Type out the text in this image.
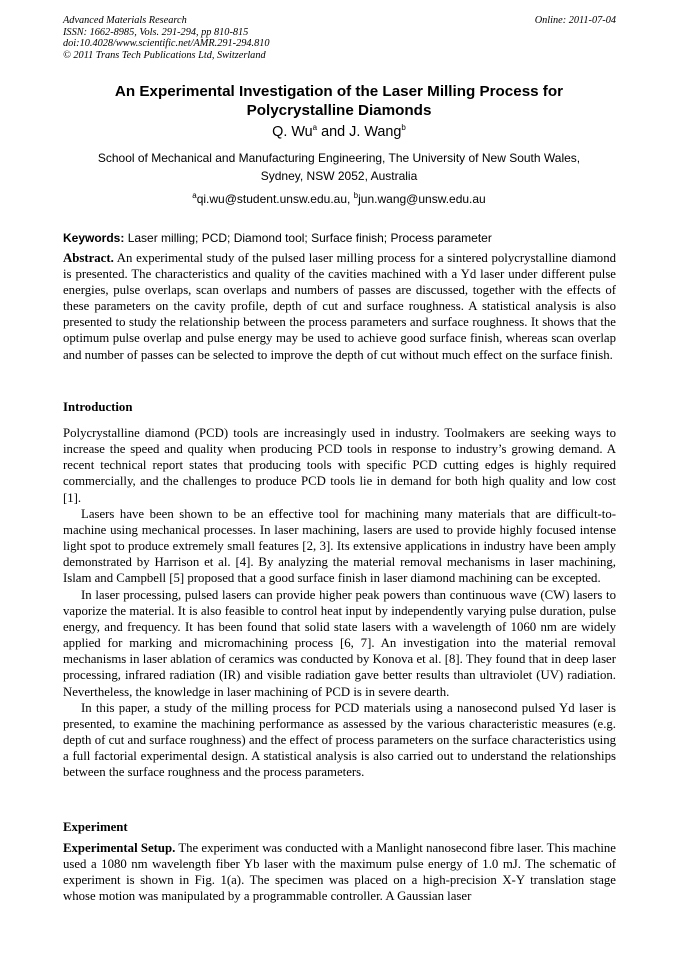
Advanced Materials Research
ISSN: 1662-8985, Vols. 291-294, pp 810-815
doi:10.4028/www.scientific.net/AMR.291-294.810
© 2011 Trans Tech Publications Ltd, Switzerland
Online: 2011-07-04
An Experimental Investigation of the Laser Milling Process for
Polycrystalline Diamonds
Q. Wu$^a$ and J. Wang$^b$
School of Mechanical and Manufacturing Engineering, The University of New South Wales,
Sydney, NSW 2052, Australia
$^a$qi.wu@student.unsw.edu.au, $^b$jun.wang@unsw.edu.au
Keywords: Laser milling; PCD; Diamond tool; Surface finish; Process parameter
Abstract. An experimental study of the pulsed laser milling process for a sintered polycrystalline diamond is presented. The characteristics and quality of the cavities machined with a Yd laser under different pulse energies, pulse overlaps, scan overlaps and numbers of passes are discussed, together with the effects of these parameters on the cavity profile, depth of cut and surface roughness. A statistical analysis is also presented to study the relationship between the process parameters and surface roughness. It shows that the optimum pulse overlap and pulse energy may be used to achieve good surface finish, whereas scan overlap and number of passes can be selected to improve the depth of cut without much effect on the surface finish.
Introduction

Polycrystalline diamond (PCD) tools are increasingly used in industry. Toolmakers are seeking ways to increase the speed and quality when producing PCD tools in response to industry’s growing demand. A recent technical report states that producing tools with specific PCD cutting edges is highly required commercially, and the challenges to produce PCD tools lie in demand for both high quality and low cost [1].

Lasers have been shown to be an effective tool for machining many materials that are difficult-to-machine using mechanical processes. In laser machining, lasers are used to provide highly focused intense light spot to produce extremely small features [2, 3]. Its extensive applications in industry have been amply demonstrated by Harrison et al. [4]. By analyzing the material removal mechanisms in laser machining, Islam and Campbell [5] proposed that a good surface finish in laser diamond machining can be excepted.

In laser processing, pulsed lasers can provide higher peak powers than continuous wave (CW) lasers to vaporize the material. It is also feasible to control heat input by independently varying pulse duration, pulse energy, and frequency. It has been found that solid state lasers with a wavelength of 1060 nm are widely applied for marking and micromachining process [6, 7]. An investigation into the material removal mechanisms in laser ablation of ceramics was conducted by Konova et al. [8]. They found that in deep laser processing, infrared radiation (IR) and visible radiation gave better results than ultraviolet (UV) radiation. Nevertheless, the knowledge in laser machining of PCD is in severe dearth.

In this paper, a study of the milling process for PCD materials using a nanosecond pulsed Yd laser is presented, to examine the machining performance as assessed by the various characteristic measures (e.g. depth of cut and surface roughness) and the effect of process parameters on the surface characteristics using a full factorial experimental design. A statistical analysis is also carried out to understand the relationships between the surface roughness and the process parameters.

Experiment

Experimental Setup. The experiment was conducted with a Manlight nanosecond fibre laser. This machine used a 1080 nm wavelength fiber Yb laser with the maximum pulse energy of 1.0 mJ. The schematic of experiment is shown in Fig. 1(a). The specimen was placed on a high-precision X-Y translation stage whose motion was manipulated by a programmable controller. A Gaussian laser
